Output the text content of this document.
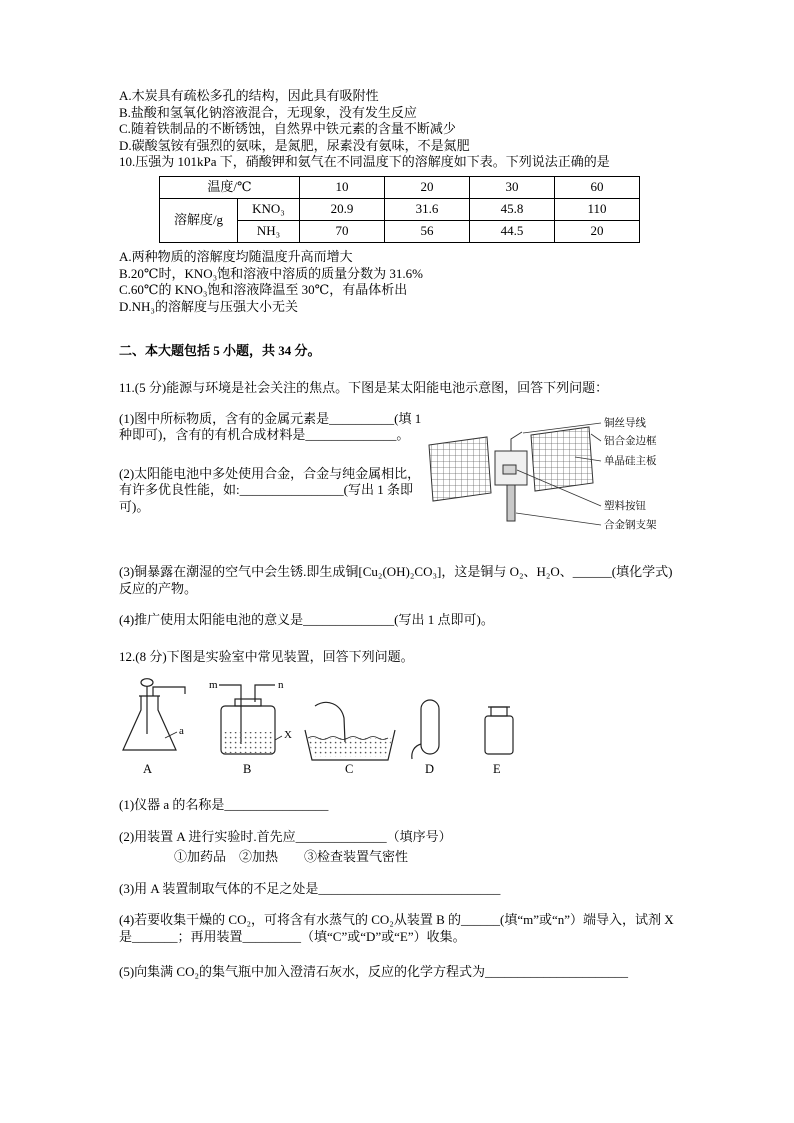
A.木炭具有疏松多孔的结构，因此具有吸附性

B.盐酸和氢氧化钠溶液混合，无现象，没有发生反应

C.随着铁制品的不断锈蚀，自然界中铁元素的含量不断减少

D.碳酸氢铵有强烈的氨味，是氮肥，尿素没有氨味，不是氮肥

10.压强为 101kPa 下，硝酸钾和氨气在不同温度下的溶解度如下表。下列说法正确的是

温度/℃		10	20	30	60
溶解度/g	KNO₃	20.9	31.6	45.8	110
	NH₃	70	56	44.5	20

A.两种物质的溶解度均随温度升高而增大

B.20℃时，KNO₃饱和溶液中溶质的质量分数为 31.6%

C.60℃的 KNO₃饱和溶液降温至 30℃，有晶体析出

D.NH₃的溶解度与压强大小无关

二、本大题包括 5 小题，共 34 分。

11.(5 分)能源与环境是社会关注的焦点。下图是某太阳能电池示意图，回答下列问题：

(1)图中所标物质，含有的金属元素是__________(填 1 种即可)，含有的有机合成材料是______________。

(2)太阳能电池中多处使用合金，合金与纯金属相比，有许多优良性能，如:________________(写出 1 条即可)。

铜丝导线
铝合金边框
单晶硅主板
塑料按钮
合金钢支架

(3)铜暴露在潮湿的空气中会生锈.即生成铜[Cu₂(OH)₂CO₃]，这是铜与 O₂、H₂O、______(填化学式)反应的产物。

(4)推广使用太阳能电池的意义是______________(写出 1 点即可)。

12.(8 分)下图是实验室中常见装置，回答下列问题。

a
m	n
X
A	B	C	D	E

(1)仪器 a 的名称是________________

(2)用装置 A 进行实验时.首先应______________（填序号）

①加药品　②加热　　③检查装置气密性

(3)用 A 装置制取气体的不足之处是____________________________

(4)若要收集干燥的 CO₂，可将含有水蒸气的 CO₂从装置 B 的______(填“m”或“n”）端导入，试剂 X 是_______；再用装置_________（填“C”或“D”或“E”）收集。

(5)向集满 CO₂的集气瓶中加入澄清石灰水，反应的化学方程式为______________________
